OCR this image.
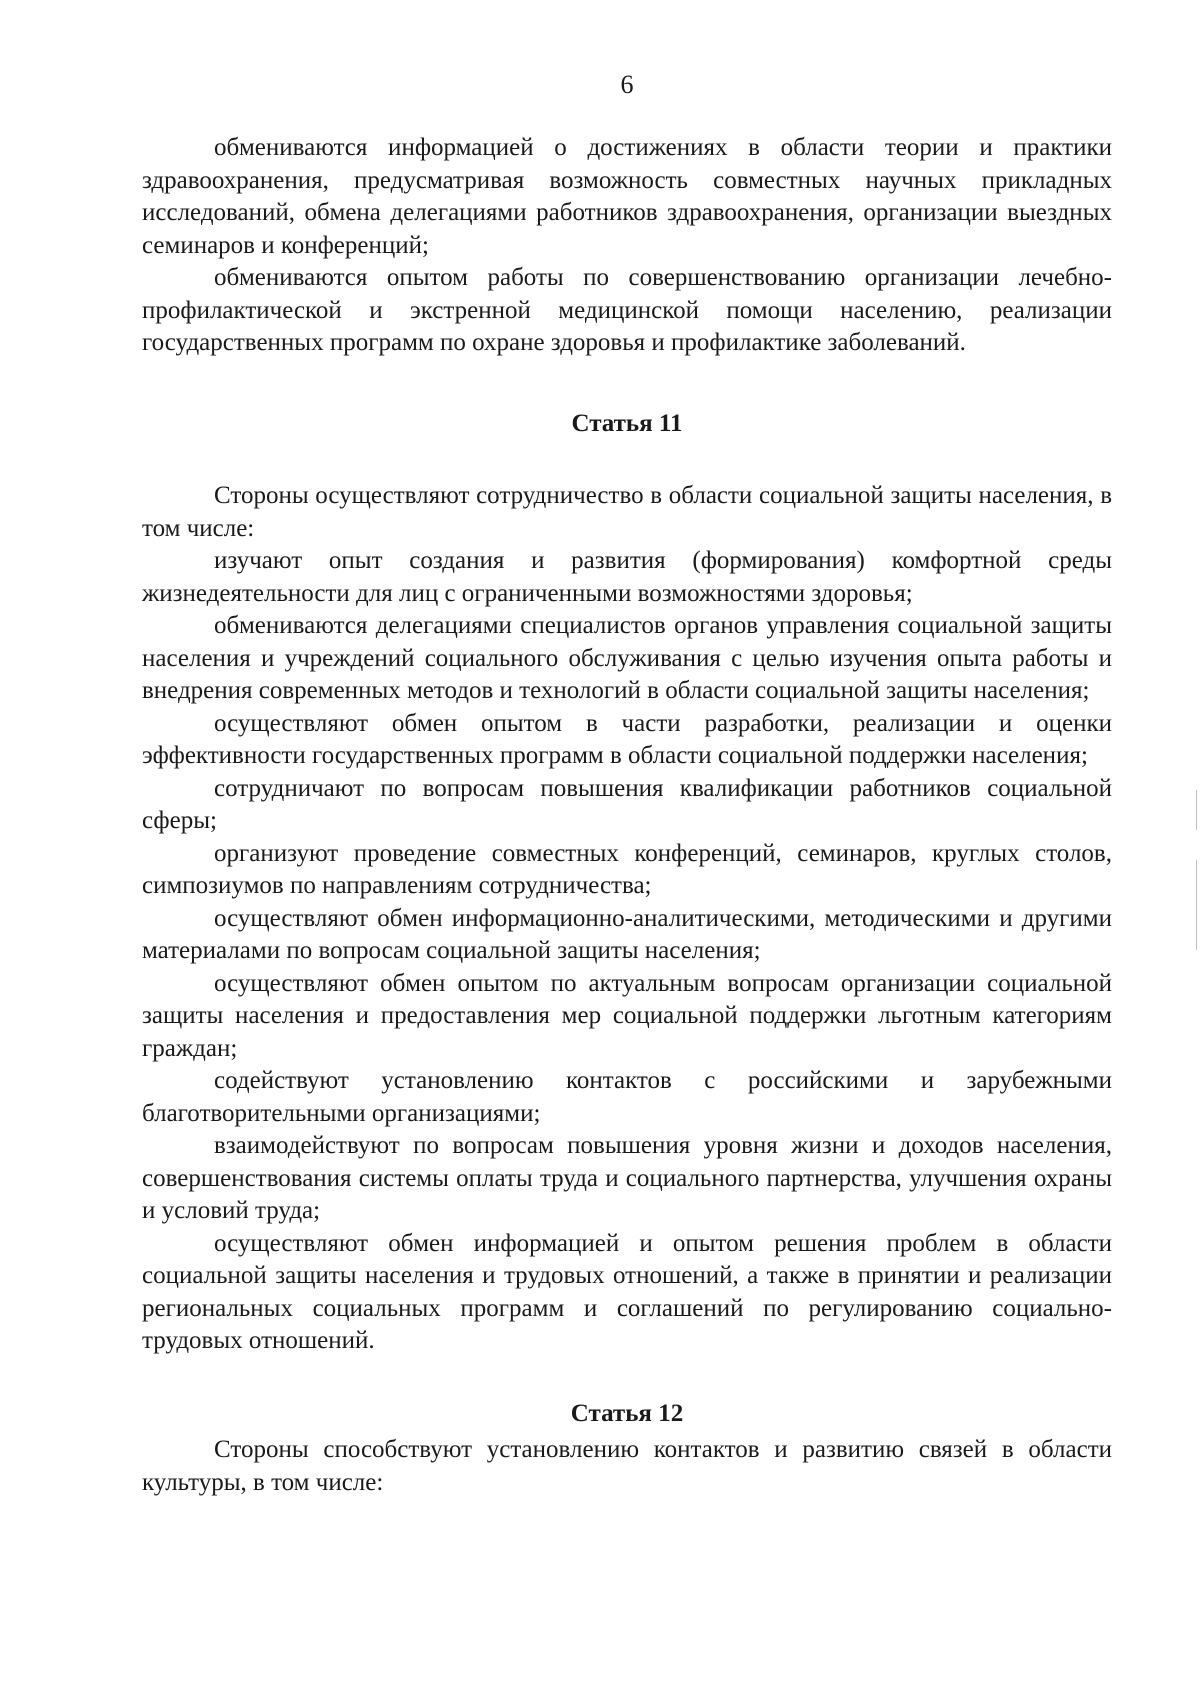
6

обмениваются информацией о достижениях в области теории и практики здравоохранения, предусматривая возможность совместных научных прикладных исследований, обмена делегациями работников здравоохранения, организации выездных семинаров и конференций;

обмениваются опытом работы по совершенствованию организации лечебно-профилактической и экстренной медицинской помощи населению, реализации государственных программ по охране здоровья и профилактике заболеваний.

Статья 11

Стороны осуществляют сотрудничество в области социальной защиты населения, в том числе:

изучают опыт создания и развития (формирования) комфортной среды жизнедеятельности для лиц с ограниченными возможностями здоровья;

обмениваются делегациями специалистов органов управления социальной защиты населения и учреждений социального обслуживания с целью изучения опыта работы и внедрения современных методов и технологий в области социальной защиты населения;

осуществляют обмен опытом в части разработки, реализации и оценки эффективности государственных программ в области социальной поддержки населения;

сотрудничают по вопросам повышения квалификации работников социальной сферы;

организуют проведение совместных конференций, семинаров, круглых столов, симпозиумов по направлениям сотрудничества;

осуществляют обмен информационно-аналитическими, методическими и другими материалами по вопросам социальной защиты населения;

осуществляют обмен опытом по актуальным вопросам организации социальной защиты населения и предоставления мер социальной поддержки льготным категориям граждан;

содействуют установлению контактов с российскими и зарубежными благотворительными организациями;

взаимодействуют по вопросам повышения уровня жизни и доходов населения, совершенствования системы оплаты труда и социального партнерства, улучшения охраны и условий труда;

осуществляют обмен информацией и опытом решения проблем в области социальной защиты населения и трудовых отношений, а также в принятии и реализации региональных социальных программ и соглашений по регулированию социально-трудовых отношений.

Статья 12

Стороны способствуют установлению контактов и развитию связей в области культуры, в том числе:
